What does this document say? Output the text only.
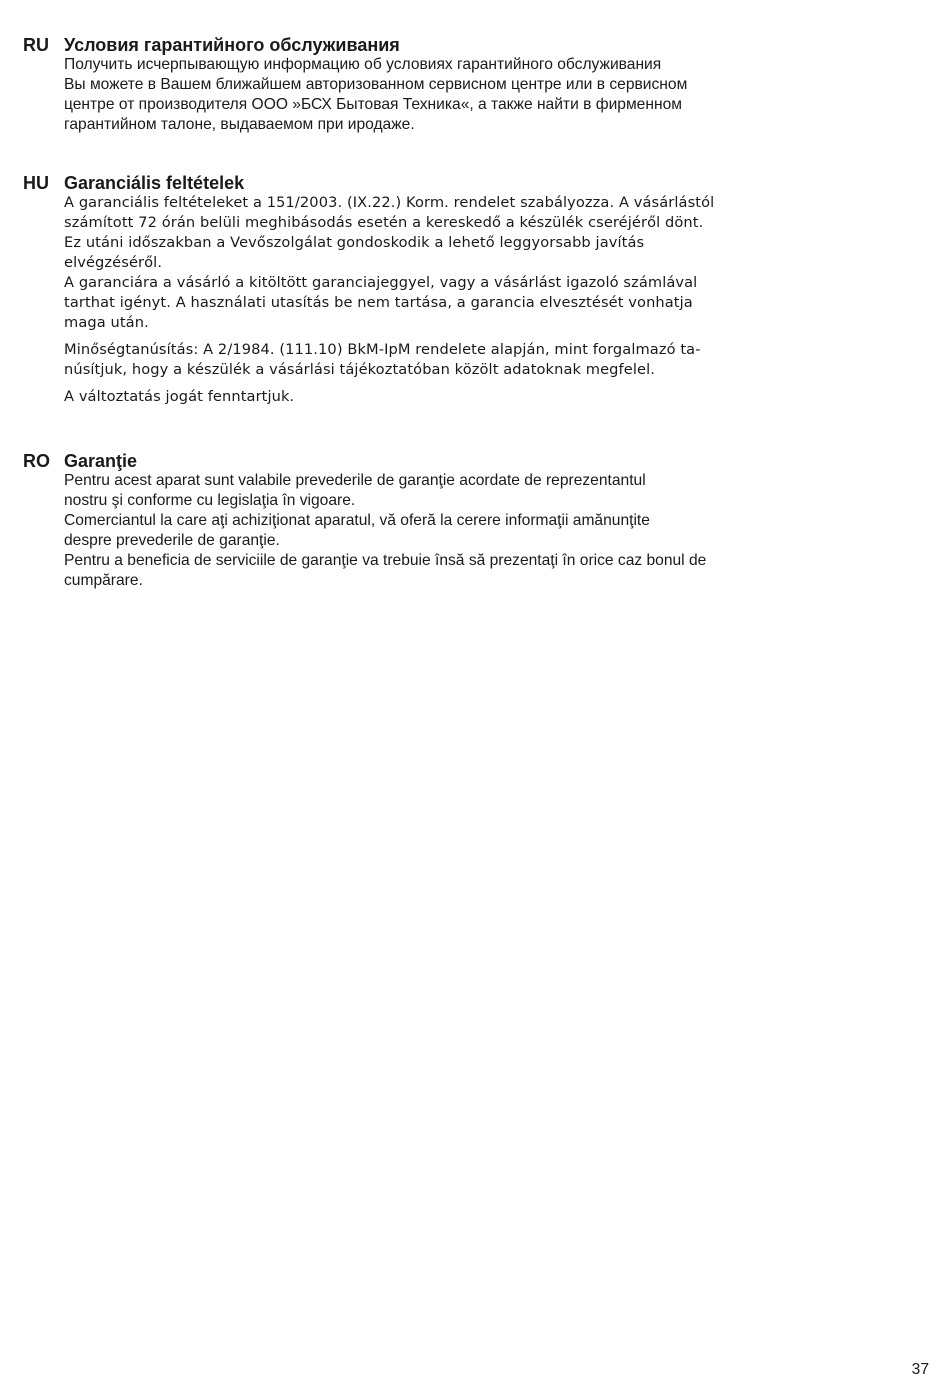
RU Условия гарантийного обслуживания
Получить исчерпывающую информацию об условиях гарантийного обслуживания
Вы можете в Вашем ближайшем авторизованном сервисном центре или в сервисном
центре от производителя ООО »БСХ Бытовая Техника«, а также найти в фирменном
гарантийном талоне, выдаваемом при иродаже.
HU Garanciális feltételek
A garanciális feltételeket a 151/2003. (IX.22.) Korm. rendelet szabályozza. A vásárlástól
számított 72 órán belüli meghibásodás esetén a kereskedő a készülék cseréjéről dönt.
Ez utáni időszakban a Vevőszolgálat gondoskodik a lehető leggyorsabb javítás
elvégzéséről.
A garanciára a vásárló a kitöltött garanciajeggyel, vagy a vásárlást igazoló számlával
tarthat igényt. A használati utasítás be nem tartása, a garancia elvesztését vonhatja
maga után.
Minőségtanúsítás: A 2/1984. (111.10) BkM-IpM rendelete alapján, mint forgalmazó ta-
núsítjuk, hogy a készülék a vásárlási tájékoztatóban közölt adatoknak megfelel.
A változtatás jogát fenntartjuk.
RO Garanţie
Pentru acest aparat sunt valabile prevederile de garanţie acordate de reprezentantul
nostru şi conforme cu legislaţia în vigoare.
Comerciantul la care aţi achiziţionat aparatul, vă oferă la cerere informaţii amănunţite
despre prevederile de garanţie.
Pentru a beneficia de serviciile de garanţie va trebuie însă să prezentaţi în orice caz bonul de
cumpărare.
37
